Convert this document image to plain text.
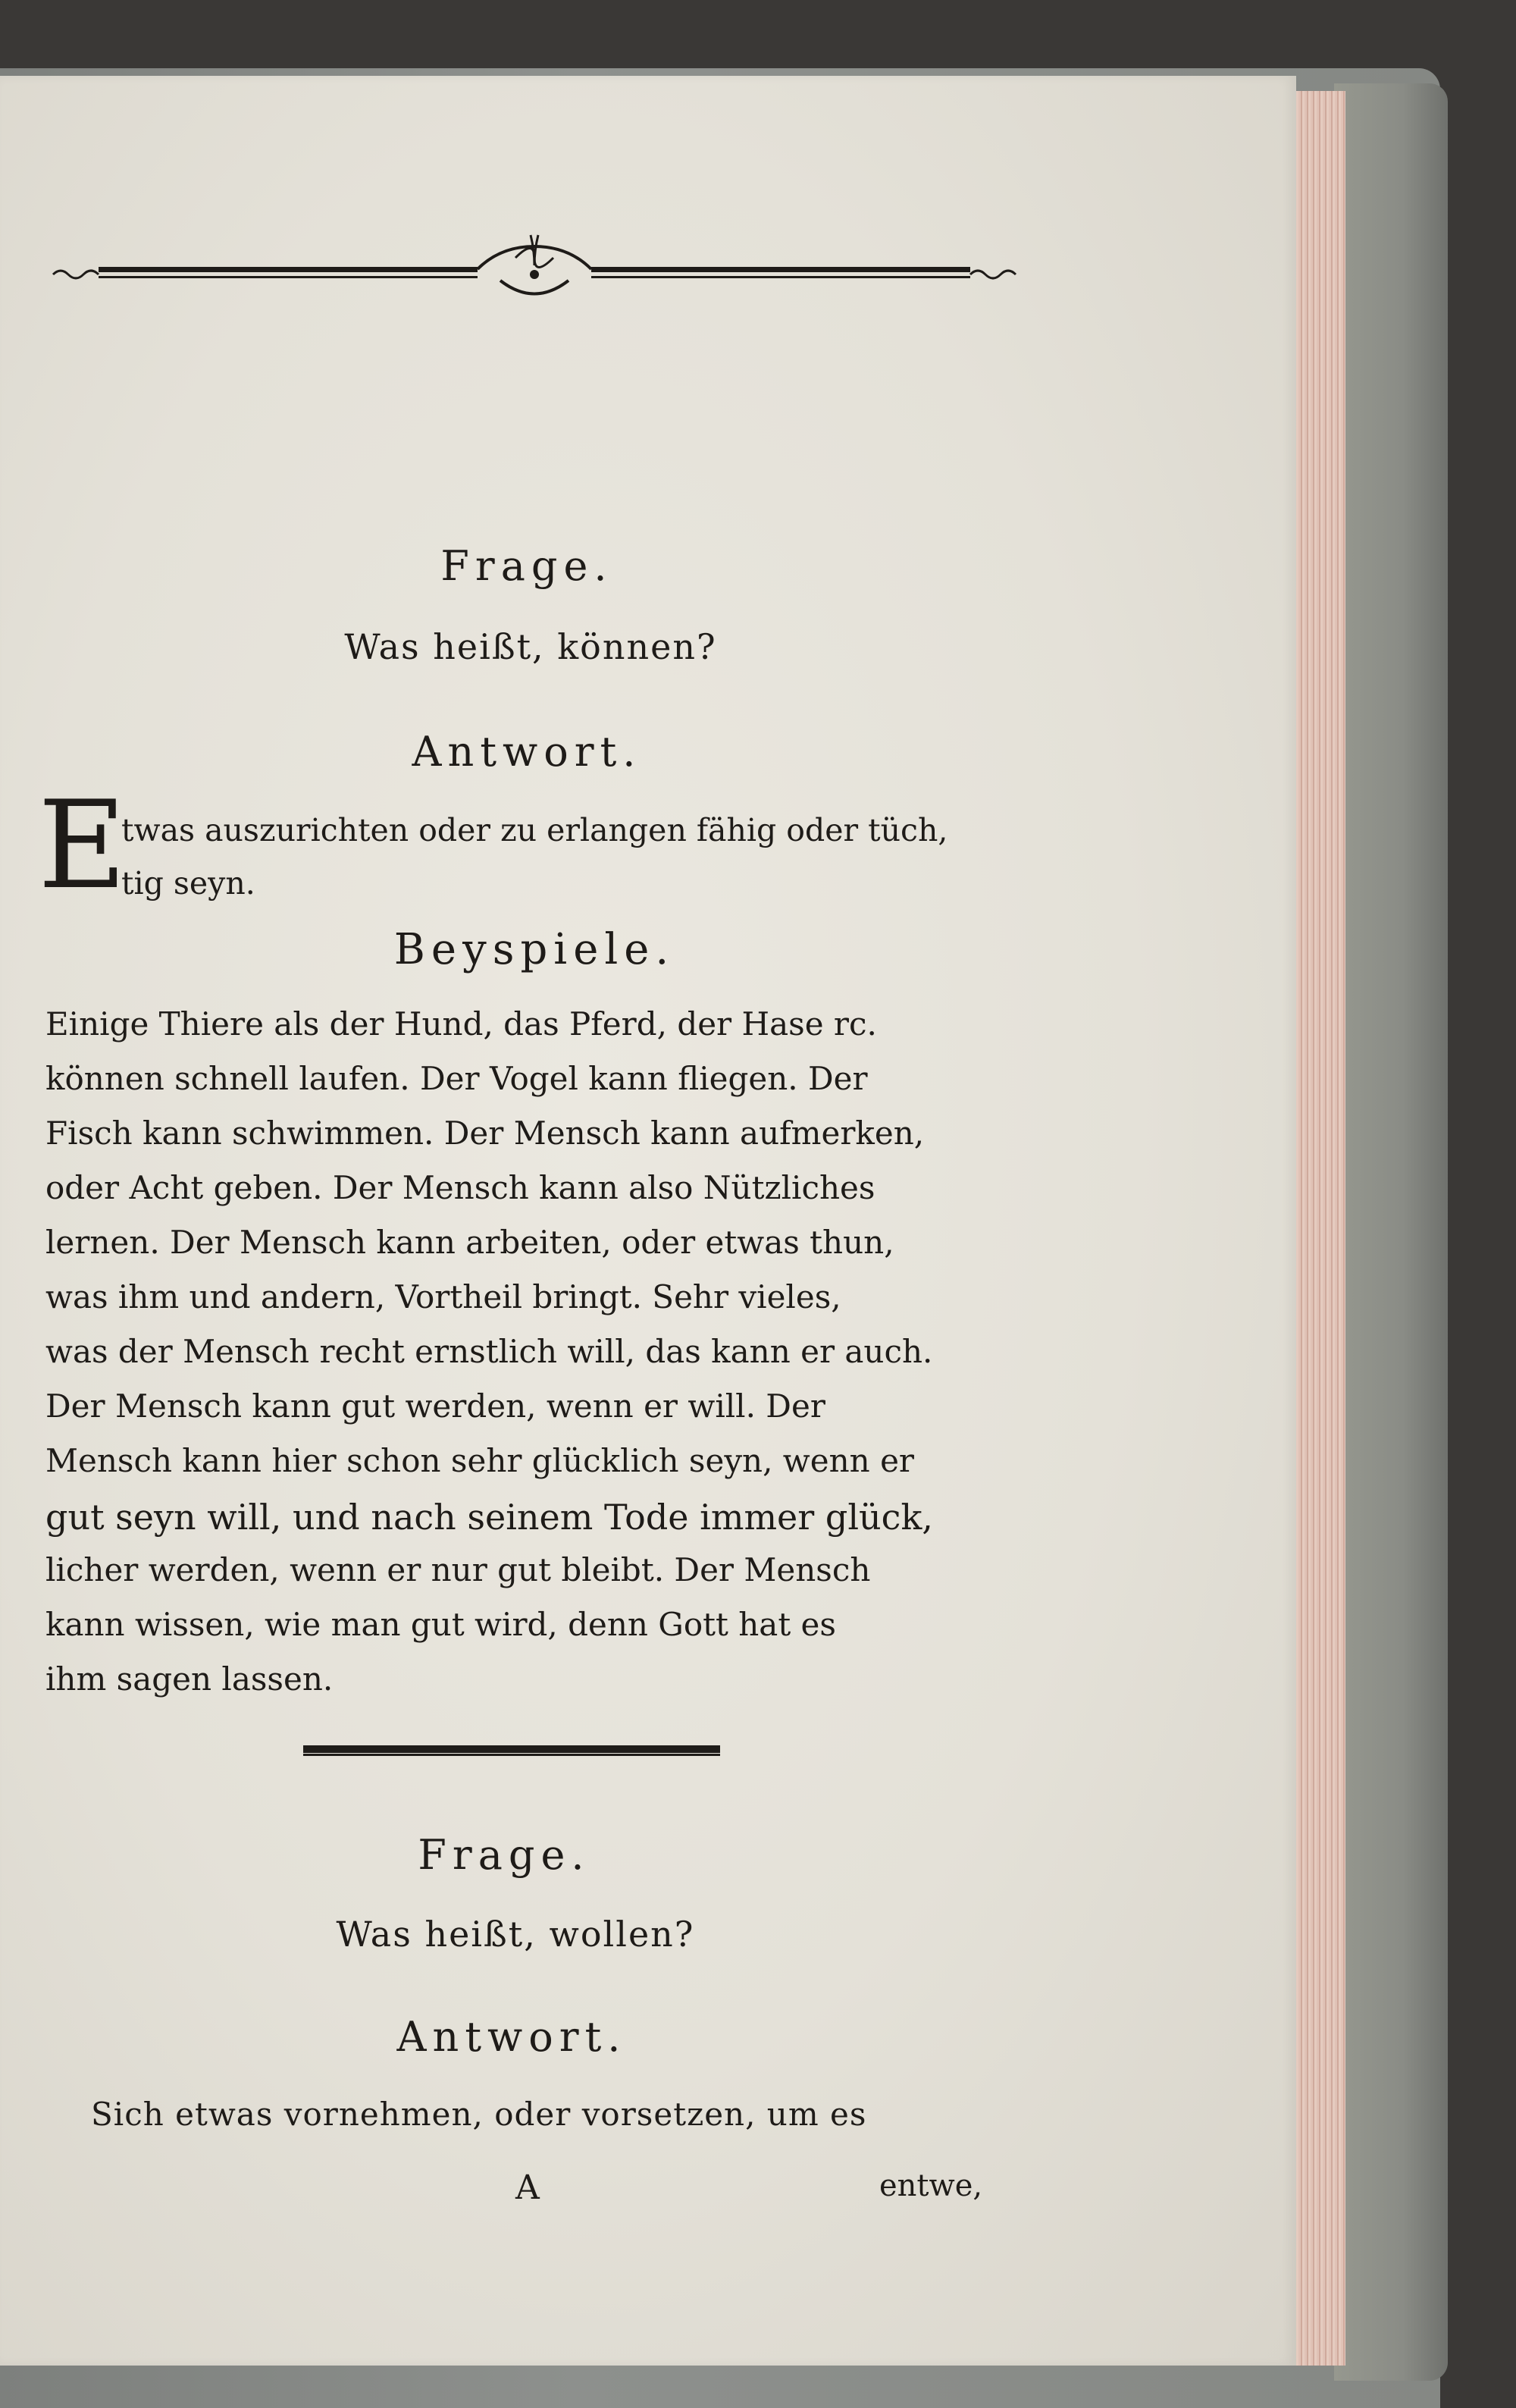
Frage.
Was heißt, können?
Antwort.
E
twas auszurichten oder zu erlangen fähig oder tüch,
tig seyn.
Beyspiele.
Einige Thiere als der Hund, das Pferd, der Hase rc.
können schnell laufen. Der Vogel kann fliegen. Der
Fisch kann schwimmen. Der Mensch kann aufmerken,
oder Acht geben. Der Mensch kann also Nützliches
lernen. Der Mensch kann arbeiten, oder etwas thun,
was ihm und andern, Vortheil bringt. Sehr vieles,
was der Mensch recht ernstlich will, das kann er auch.
Der Mensch kann gut werden, wenn er will. Der
Mensch kann hier schon sehr glücklich seyn, wenn er
gut seyn will, und nach seinem Tode immer glück,
licher werden, wenn er nur gut bleibt. Der Mensch
kann wissen, wie man gut wird, denn Gott hat es
ihm sagen lassen.
Frage.
Was heißt, wollen?
Antwort.
Sich etwas vornehmen, oder vorsetzen, um es
A	entwe,
